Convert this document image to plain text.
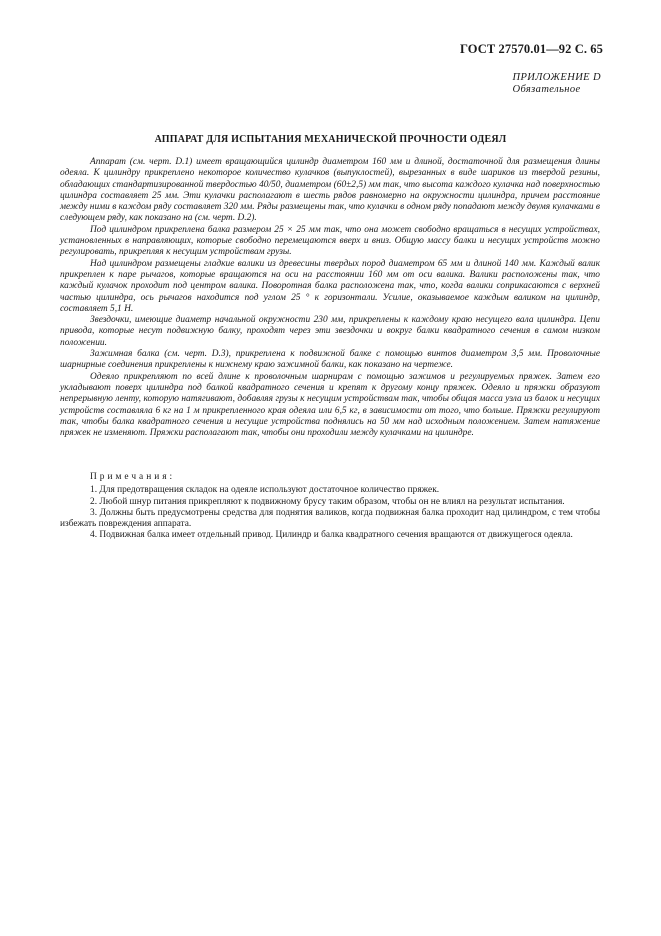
ГОСТ 27570.01—92 С. 65
ПРИЛОЖЕНИЕ D
Обязательное
АППАРАТ ДЛЯ ИСПЫТАНИЯ МЕХАНИЧЕСКОЙ ПРОЧНОСТИ ОДЕЯЛ

Аппарат (см. черт. D.1) имеет вращающийся цилиндр диаметром 160 мм и длиной, достаточной для размещения длины одеяла. К цилиндру прикреплено некоторое количество кулачков (выпуклостей), вырезанных в виде шариков из твердой резины, обладающих стандартизированной твердостью 40/50, диаметром (60±2,5) мм так, что высота каждого кулачка над поверхностью цилиндра составляет 25 мм. Эти кулачки располагают в шесть рядов равномерно на окружности цилиндра, причем расстояние между ними в каждом ряду составляет 320 мм. Ряды размещены так, что кулачки в одном ряду попадают между двумя кулачками в следующем ряду, как показано на (см. черт. D.2).

Под цилиндром прикреплена балка размером 25 × 25 мм так, что она может свободно вращаться в несущих устройствах, установленных в направляющих, которые свободно перемещаются вверх и вниз. Общую массу балки и несущих устройств можно регулировать, прикрепляя к несущим устройствам грузы.

Над цилиндром размещены гладкие валики из древесины твердых пород диаметром 65 мм и длиной 140 мм. Каждый валик прикреплен к паре рычагов, которые вращаются на оси на расстоянии 160 мм от оси валика. Валики расположены так, что каждый кулачок проходит под центром валика. Поворотная балка расположена так, что, когда валики соприкасаются с верхней частью цилиндра, ось рычагов находится под углом 25 ° к горизонтали. Усилие, оказываемое каждым валиком на цилиндр, составляет 5,1 Н.

Звездочки, имеющие диаметр начальной окружности 230 мм, прикреплены к каждому краю несущего вала цилиндра. Цепи привода, которые несут подвижную балку, проходят через эти звездочки и вокруг балки квадратного сечения в самом низком положении.

Зажимная балка (см. черт. D.3), прикреплена к подвижной балке с помощью винтов диаметром 3,5 мм. Проволочные шарнирные соединения прикреплены к нижнему краю зажимной балки, как показано на чертеже.

Одеяло прикрепляют по всей длине к проволочным шарнирам с помощью зажимов и регулируемых пряжек. Затем его укладывают поверх цилиндра под балкой квадратного сечения и крепят к другому концу пряжек. Одеяло и пряжки образуют непрерывную ленту, которую натягивают, добавляя грузы к несущим устройствам так, чтобы общая масса узла из балок и несущих устройств составляла 6 кг на 1 м прикрепленного края одеяла или 6,5 кг, в зависимости от того, что больше. Пряжки регулируют так, чтобы балка квадратного сечения и несущие устройства поднялись на 50 мм над исходным положением. Затем натяжение пряжек не изменяют. Пряжки располагают так, чтобы они проходили между кулачками на цилиндре.

Примечания:

1. Для предотвращения складок на одеяле используют достаточное количество пряжек.

2. Любой шнур питания прикрепляют к подвижному брусу таким образом, чтобы он не влиял на результат испытания.

3. Должны быть предусмотрены средства для поднятия валиков, когда подвижная балка проходит над цилиндром, с тем чтобы избежать повреждения аппарата.

4. Подвижная балка имеет отдельный привод. Цилиндр и балка квадратного сечения вращаются от движущегося одеяла.
